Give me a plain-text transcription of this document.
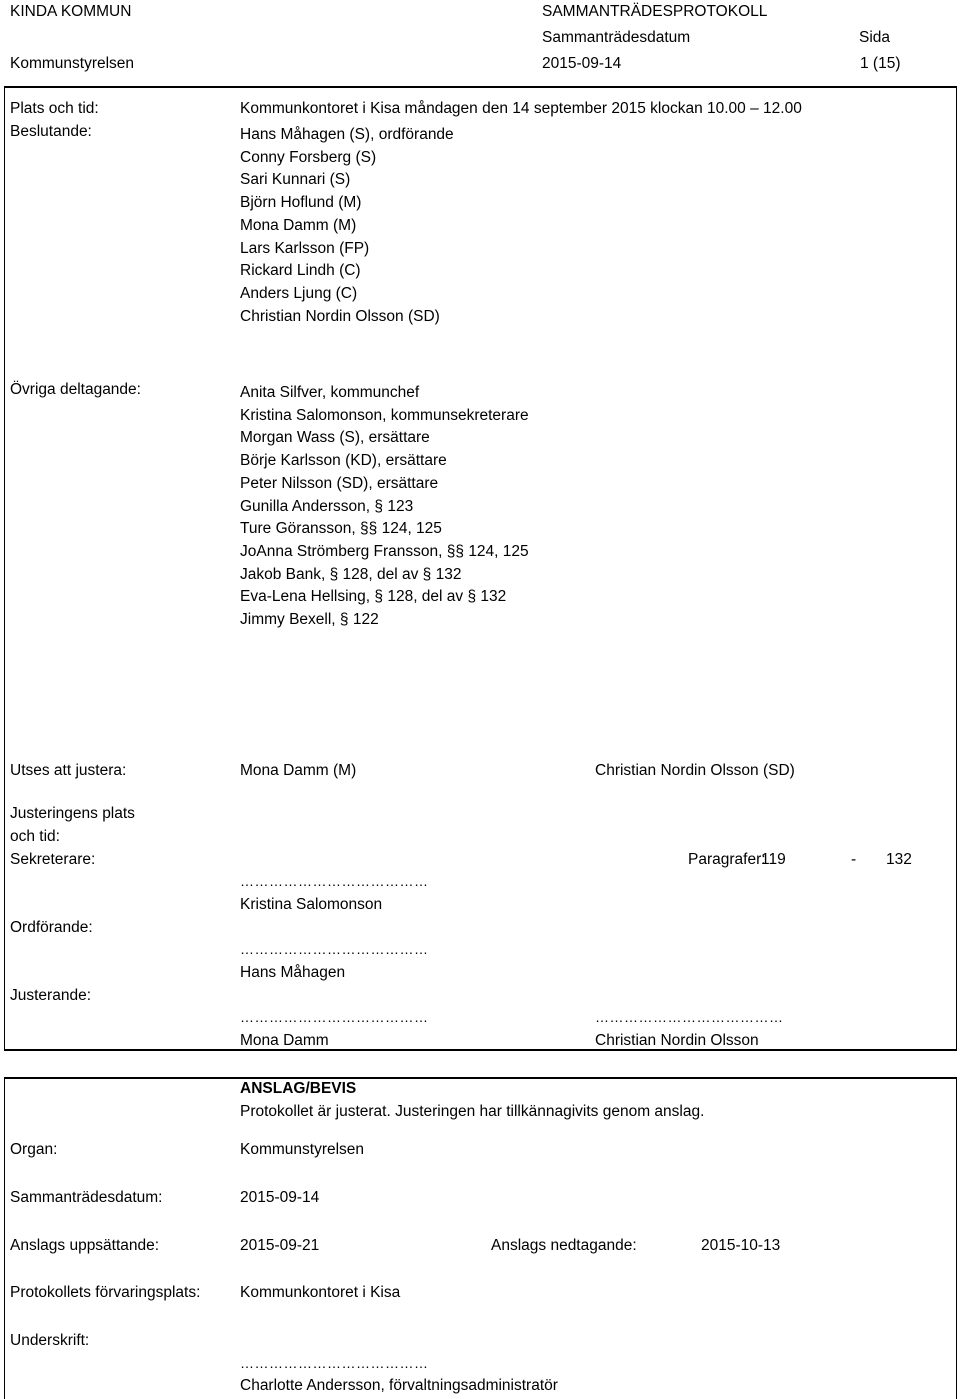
KINDA KOMMUN	SAMMANTRÄDESPROTOKOLL
Sammanträdesdatum	Sida
Kommunstyrelsen	2015-09-14	1 (15)
Plats och tid:	Kommunkontoret i Kisa måndagen den 14 september 2015 klockan 10.00 – 12.00
Beslutande:	Hans Måhagen (S), ordförande
Conny Forsberg (S)
Sari Kunnari (S)
Björn Hoflund (M)
Mona Damm (M)
Lars Karlsson (FP)
Rickard Lindh (C)
Anders Ljung (C)
Christian Nordin Olsson (SD)
Övriga deltagande:	Anita Silfver, kommunchef
Kristina Salomonson, kommunsekreterare
Morgan Wass (S), ersättare
Börje Karlsson (KD), ersättare
Peter Nilsson (SD), ersättare
Gunilla Andersson, § 123
Ture Göransson, §§ 124, 125
JoAnna Strömberg Fransson, §§ 124, 125
Jakob Bank, § 128, del av § 132
Eva-Lena Hellsing, § 128, del av § 132
Jimmy Bexell, § 122
Utses att justera:	Mona Damm (M)	Christian Nordin Olsson (SD)
Justeringens plats
och tid:
Sekreterare:	Paragrafer:
119	- 132
…………………………………
Kristina Salomonson
Ordförande:
…………………………………
Hans Måhagen
Justerande:
…………………………………	…………………………………
Mona Damm	Christian Nordin Olsson
ANSLAG/BEVIS
Protokollet är justerat. Justeringen har tillkännagivits genom anslag.
Organ:	Kommunstyrelsen
Sammanträdesdatum:	2015-09-14
Anslags uppsättande:	2015-09-21	Anslags nedtagande:	2015-10-13
Protokollets förvaringsplats:	Kommunkontoret i Kisa
Underskrift:
…………………………………
Charlotte Andersson, förvaltningsadministratör
